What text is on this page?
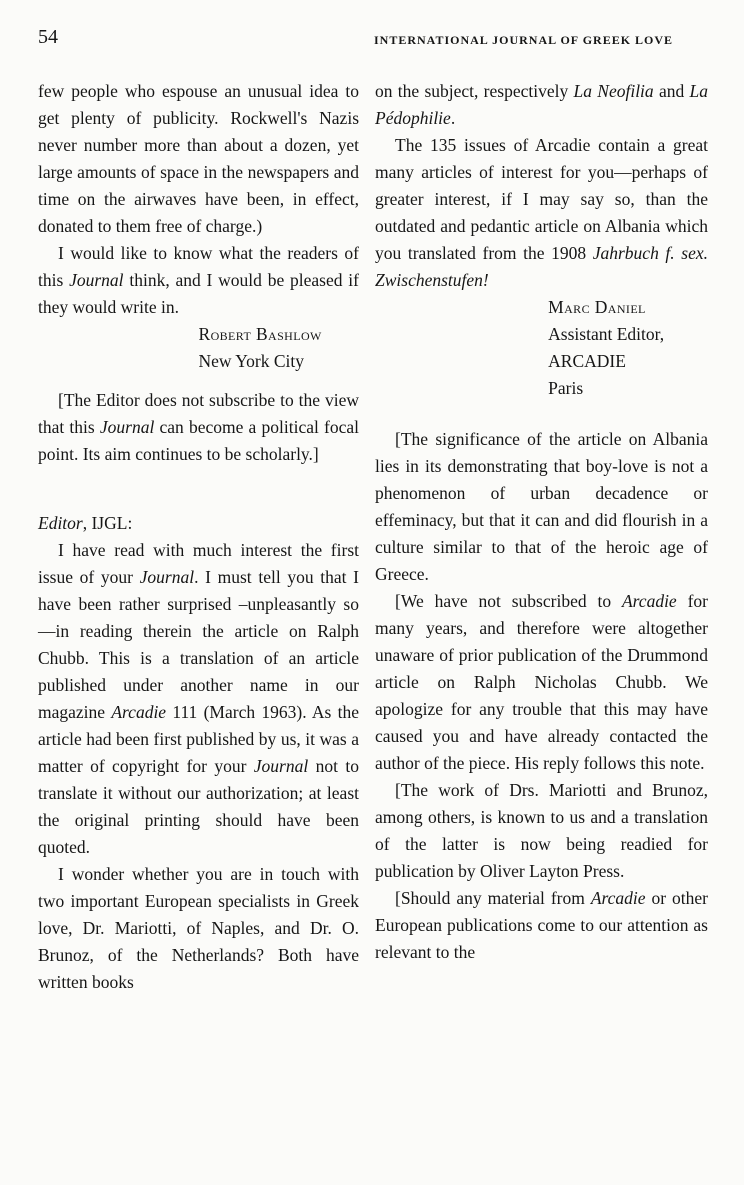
54	INTERNATIONAL JOURNAL OF GREEK LOVE

few people who espouse an unusual idea to get plenty of publicity. Rockwell's Nazis never number more than about a dozen, yet large amounts of space in the newspapers and time on the airwaves have been, in effect, donated to them free of charge.)

I would like to know what the readers of this Journal think, and I would be pleased if they would write in.

Robert Bashlow
New York City

[The Editor does not subscribe to the view that this Journal can become a political focal point. Its aim continues to be scholarly.]

Editor, IJGL:

I have read with much interest the first issue of your Journal. I must tell you that I have been rather surprised –unpleasantly so—in reading therein the article on Ralph Chubb. This is a translation of an article published under another name in our magazine Arcadie 111 (March 1963). As the article had been first published by us, it was a matter of copyright for your Journal not to translate it without our authorization; at least the original printing should have been quoted.

I wonder whether you are in touch with two important European specialists in Greek love, Dr. Mariotti, of Naples, and Dr. O. Brunoz, of the Netherlands? Both have written books

on the subject, respectively La Neofilia and La Pédophilie.

The 135 issues of Arcadie contain a great many articles of interest for you—perhaps of greater interest, if I may say so, than the outdated and pedantic article on Albania which you translated from the 1908 Jahrbuch f. sex. Zwischenstufen!

Marc Daniel
Assistant Editor,
ARCADIE
Paris

[The significance of the article on Albania lies in its demonstrating that boy-love is not a phenomenon of urban decadence or effeminacy, but that it can and did flourish in a culture similar to that of the heroic age of Greece.

[We have not subscribed to Arcadie for many years, and therefore were altogether unaware of prior publication of the Drummond article on Ralph Nicholas Chubb. We apologize for any trouble that this may have caused you and have already contacted the author of the piece. His reply follows this note.

[The work of Drs. Mariotti and Brunoz, among others, is known to us and a translation of the latter is now being readied for publication by Oliver Layton Press.

[Should any material from Arcadie or other European publications come to our attention as relevant to the
